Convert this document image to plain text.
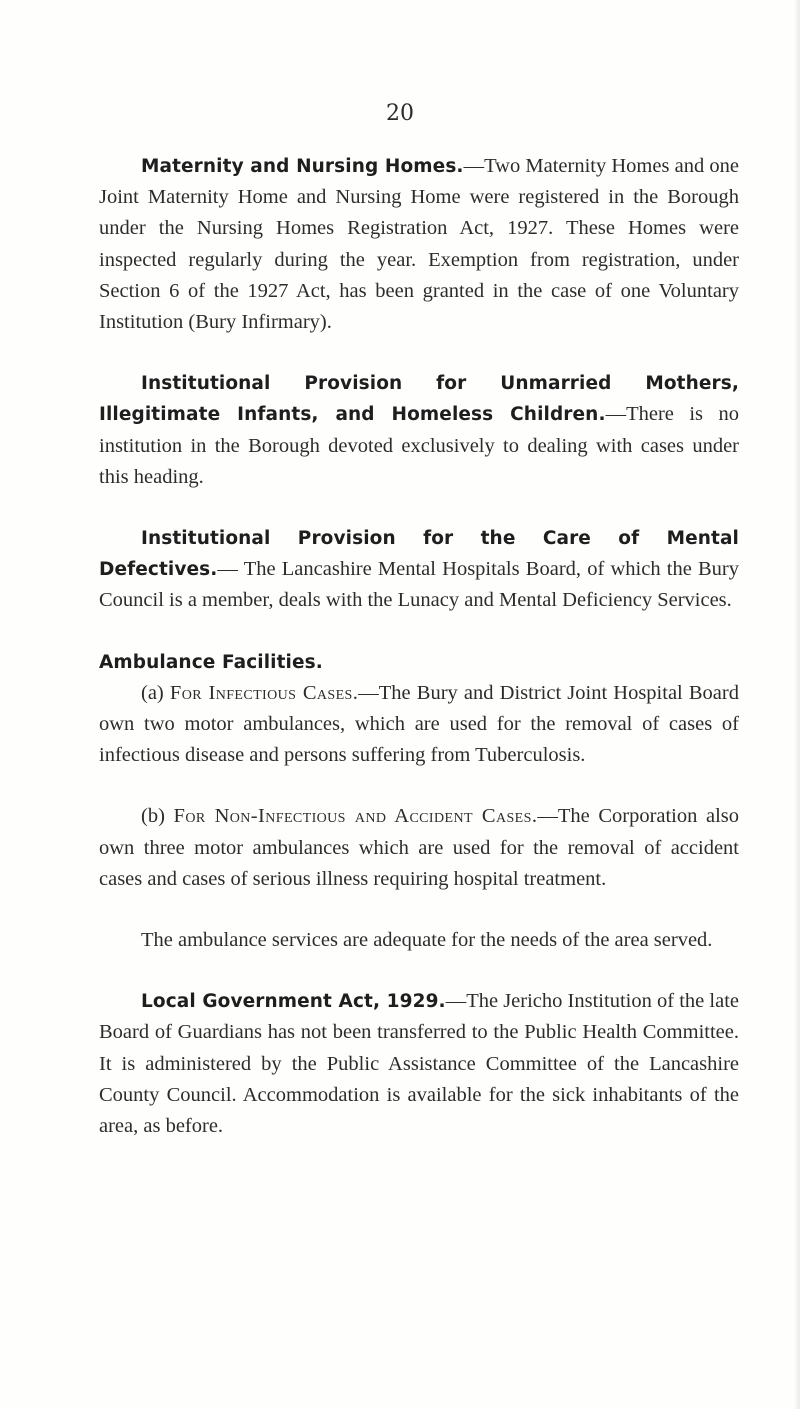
20

Maternity and Nursing Homes.—Two Maternity Homes and one Joint Maternity Home and Nursing Home were registered in the Borough under the Nursing Homes Registration Act, 1927. These Homes were inspected regularly during the year. Exemption from registration, under Section 6 of the 1927 Act, has been granted in the case of one Voluntary Institution (Bury Infirmary).

Institutional Provision for Unmarried Mothers, Illegitimate Infants, and Homeless Children.—There is no institution in the Borough devoted exclusively to dealing with cases under this heading.

Institutional Provision for the Care of Mental Defectives.— The Lancashire Mental Hospitals Board, of which the Bury Council is a member, deals with the Lunacy and Mental Deficiency Services.

Ambulance Facilities.

(a) For Infectious Cases.—The Bury and District Joint Hospital Board own two motor ambulances, which are used for the removal of cases of infectious disease and persons suffering from Tuberculosis.

(b) For Non-Infectious and Accident Cases.—The Corporation also own three motor ambulances which are used for the removal of accident cases and cases of serious illness requiring hospital treatment.

The ambulance services are adequate for the needs of the area served.

Local Government Act, 1929.—The Jericho Institution of the late Board of Guardians has not been transferred to the Public Health Committee. It is administered by the Public Assistance Committee of the Lancashire County Council. Accommodation is available for the sick inhabitants of the area, as before.
